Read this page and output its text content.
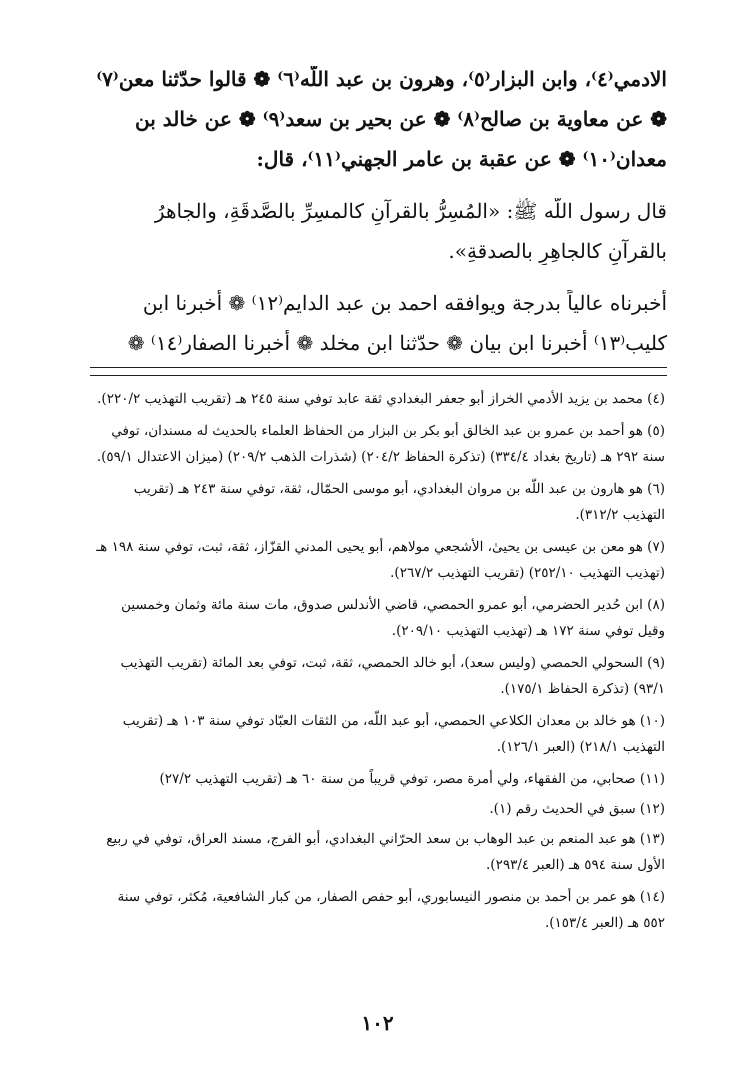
الادمي⁽٤⁾، وابن البزار⁽٥⁾، وهرون بن عبد اللّه⁽٦⁾ ❁ قالوا حدّثنا معن⁽٧⁾

❁ عن معاوية بن صالح⁽٨⁾ ❁ عن بحير بن سعد⁽٩⁾ ❁ عن خالد بن

معدان⁽١٠⁾ ❁ عن عقبة بن عامر الجهني⁽١١⁾، قال:

قال رسول اللّه ﷺ: «المُسِرُّ بالقرآنِ كالمسِرِّ بالصَّدقَةِ، والجاهرُ

بالقرآنِ كالجاهِرِ بالصدقةِ».

أخبرناه عالياً بدرجة ويوافقه احمد بن عبد الدايم⁽١٢⁾ ❁ أخبرنا ابن

كليب⁽١٣⁾ أخبرنا ابن بيان ❁ حدّثنا ابن مخلد ❁ أخبرنا الصفار⁽١٤⁾ ❁

(٤) محمد بن يزيد الأدمي الخراز أبو جعفر البغدادي ثقة عابد توفي سنة ٢٤٥ هـ (تقريب التهذيب ٢٢٠/٢).

(٥) هو أحمد بن عمرو بن عبد الخالق أبو بكر بن البزار من الحفاظ العلماء بالحديث له مسندان، توفي سنة ٢٩٢ هـ (تاريخ بغداد ٣٣٤/٤) (تذكرة الحفاظ ٢٠٤/٢) (شذرات الذهب ٢٠٩/٢) (ميزان الاعتدال ٥٩/١).

(٦) هو هارون بن عبد اللّه بن مروان البغدادي، أبو موسى الحمّال، ثقة، توفي سنة ٢٤٣ هـ (تقريب التهذيب ٣١٢/٢).

(٧) هو معن بن عيسى بن يحيىٰ، الأشجعي مولاهم، أبو يحيى المدني القزّاز، ثقة، ثبت، توفي سنة ١٩٨ هـ (تهذيب التهذيب ٢٥٢/١٠) (تقريب التهذيب ٢٦٧/٢).

(٨) ابن حُدير الحضرمي، أبو عمرو الحمصي، قاضي الأندلس صدوق، مات سنة مائة وثمان وخمسين وقيل توفي سنة ١٧٢ هـ (تهذيب التهذيب ٢٠٩/١٠).

(٩) السحولي الحمصي (وليس سعد)، أبو خالد الحمصي، ثقة، ثبت، توفي بعد المائة (تقريب التهذيب ٩٣/١) (تذكرة الحفاظ ١٧٥/١).

(١٠) هو خالد بن معدان الكلاعي الحمصي، أبو عبد اللّه، من الثقات العبّاد توفي سنة ١٠٣ هـ (تقريب التهذيب ٢١٨/١) (العبر ١٢٦/١).

(١١) صحابي، من الفقهاء، ولي أمرة مصر، توفي قريباً من سنة ٦٠ هـ (تقريب التهذيب ٢٧/٢)

(١٢) سبق في الحديث رقم (١).

(١٣) هو عبد المنعم بن عبد الوهاب بن سعد الحرّاني البغدادي، أبو الفرج، مسند العراق، توفي في ربيع الأول سنة ٥٩٤ هـ (العبر ٢٩٣/٤).

(١٤) هو عمر بن أحمد بن منصور النيسابوري، أبو حفص الصفار، من كبار الشافعية، مُكثر، توفي سنة ٥٥٢ هـ (العبر ١٥٣/٤).

١٠٢
